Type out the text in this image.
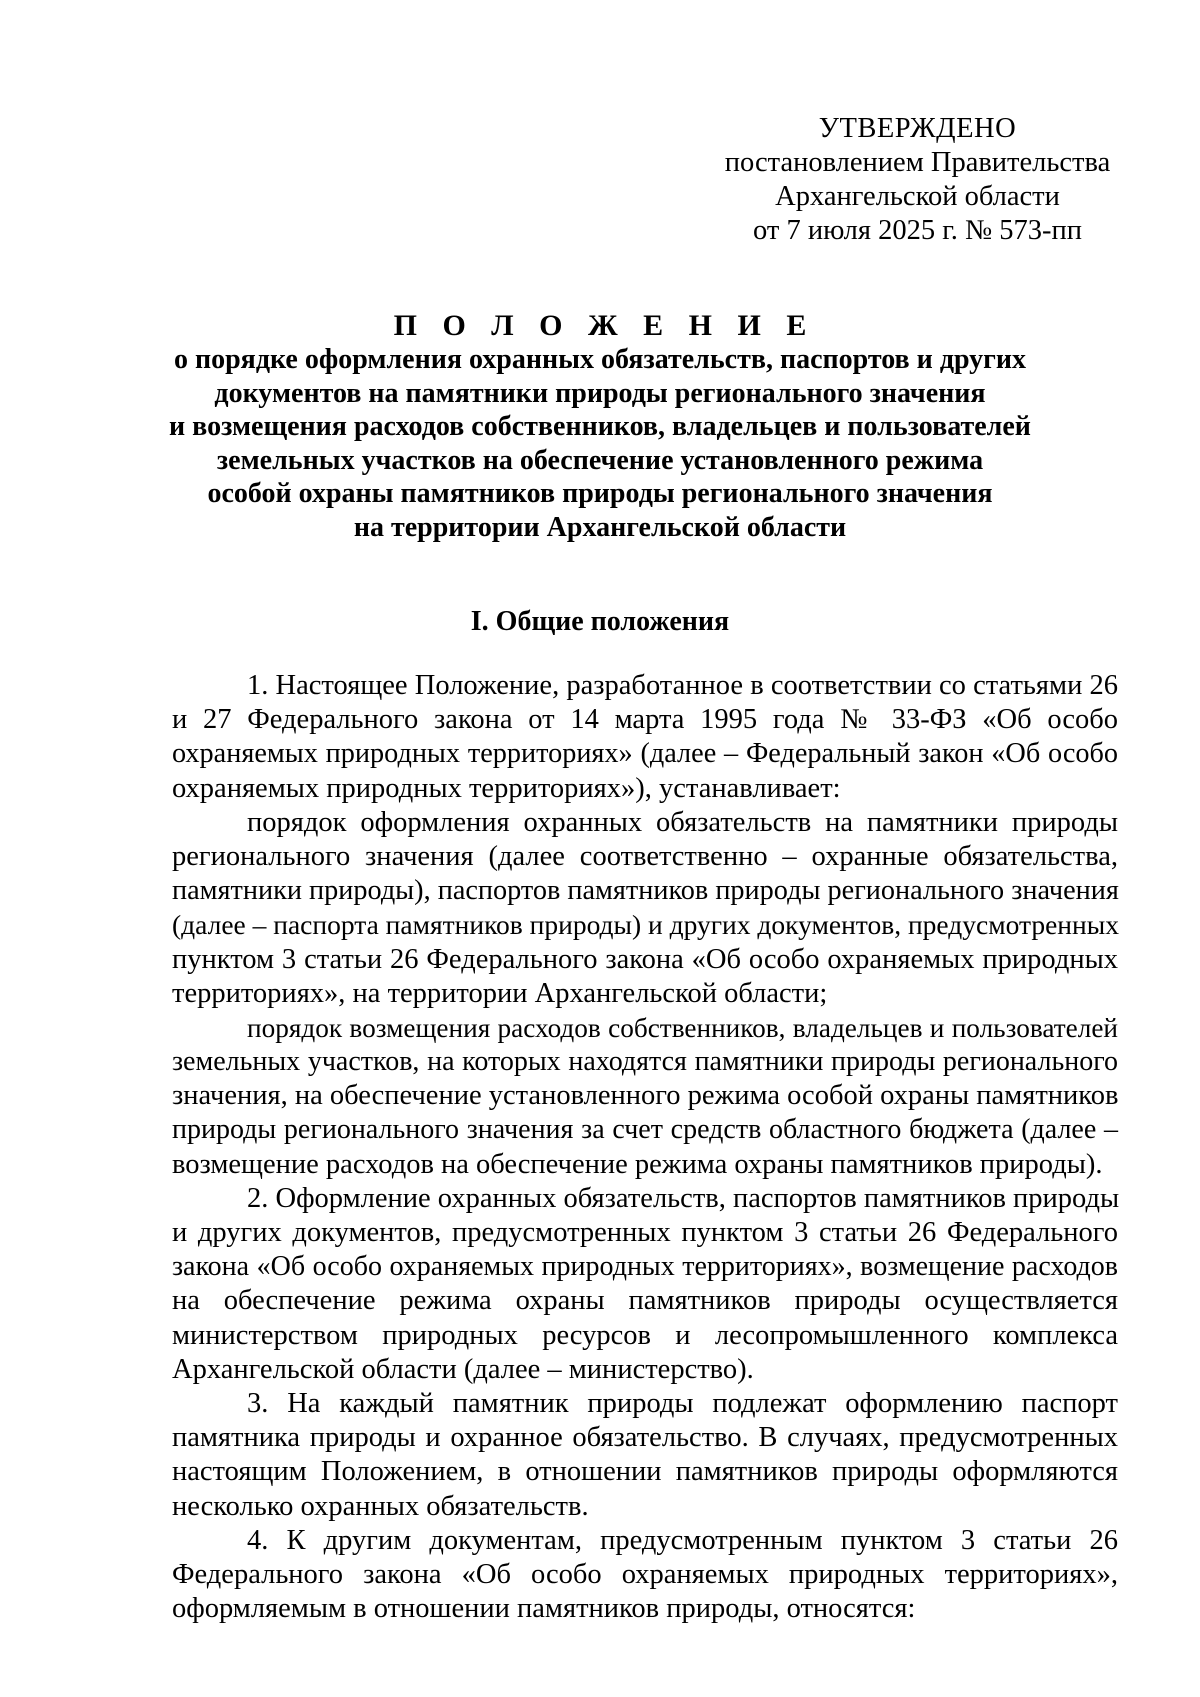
УТВЕРЖДЕНО
постановлением Правительства
Архангельской области
от 7 июля 2025 г. № 573-пп
П О Л О Ж Е Н И Е
о порядке оформления охранных обязательств, паспортов и других
документов на памятники природы регионального значения
и возмещения расходов собственников, владельцев и пользователей
земельных участков на обеспечение установленного режима
особой охраны памятников природы регионального значения
на территории Архангельской области
I. Общие положения
1. Настоящее Положение, разработанное в соответствии со статьями 26
и 27 Федерального закона от 14 марта 1995 года № 33-ФЗ «Об особо
охраняемых природных территориях» (далее – Федеральный закон «Об особо
охраняемых природных территориях»), устанавливает:
порядок оформления охранных обязательств на памятники природы
регионального значения (далее соответственно – охранные обязательства,
памятники природы), паспортов памятников природы регионального значения
(далее – паспорта памятников природы) и других документов, предусмотренных
пунктом 3 статьи 26 Федерального закона «Об особо охраняемых природных
территориях», на территории Архангельской области;
порядок возмещения расходов собственников, владельцев и пользователей
земельных участков, на которых находятся памятники природы регионального
значения, на обеспечение установленного режима особой охраны памятников
природы регионального значения за счет средств областного бюджета (далее –
возмещение расходов на обеспечение режима охраны памятников природы).
2. Оформление охранных обязательств, паспортов памятников природы
и других документов, предусмотренных пунктом 3 статьи 26 Федерального
закона «Об особо охраняемых природных территориях», возмещение расходов
на обеспечение режима охраны памятников природы осуществляется
министерством природных ресурсов и лесопромышленного комплекса
Архангельской области (далее – министерство).
3. На каждый памятник природы подлежат оформлению паспорт
памятника природы и охранное обязательство. В случаях, предусмотренных
настоящим Положением, в отношении памятников природы оформляются
несколько охранных обязательств.
4. К другим документам, предусмотренным пунктом 3 статьи 26
Федерального закона «Об особо охраняемых природных территориях»,
оформляемым в отношении памятников природы, относятся:
